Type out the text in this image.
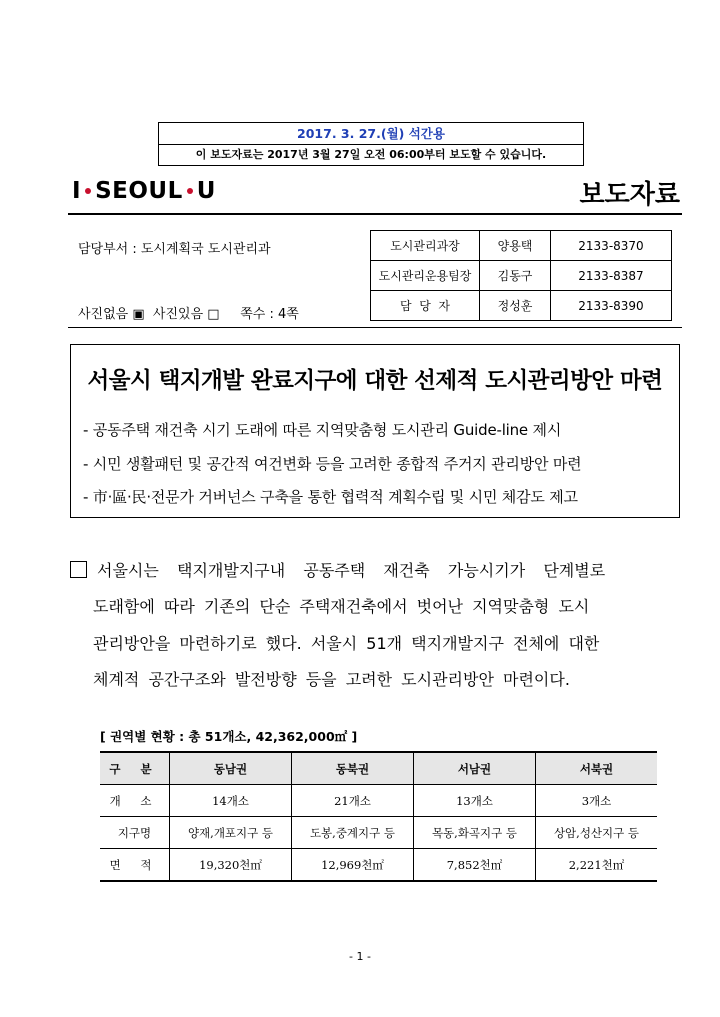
2017. 3. 27.(월) 석간용
이 보도자료는 2017년 3월 27일 오전 06:00부터 보도할 수 있습니다.
I SEOUL U	보도자료
담당부서 : 도시계획국 도시관리과
사진없음 ▣  사진있음 □     쪽수 : 4쪽
도시관리과장	양용택	2133-8370
도시관리운용팀장	김동구	2133-8387
담  당  자	정성훈	2133-8390
서울시 택지개발 완료지구에 대한 선제적 도시관리방안 마련
- 공동주택 재건축 시기 도래에 따른 지역맞춤형 도시관리 Guide-line 제시
- 시민 생활패턴 및 공간적 여건변화 등을 고려한 종합적 주거지 관리방안 마련
- 市·區·民·전문가 거버넌스 구축을 통한 협력적 계획수립 및 시민 체감도 제고
서울시는  택지개발지구내  공동주택  재건축  가능시기가  단계별로
도래함에 따라 기존의 단순 주택재건축에서 벗어난 지역맞춤형 도시
관리방안을 마련하기로 했다. 서울시 51개 택지개발지구 전체에 대한
체계적 공간구조와 발전방향 등을 고려한 도시관리방안 마련이다.
[ 권역별 현황 : 총 51개소, 42,362,000㎡ ]
구 분	동남권	동북권	서남권	서북권
개 소	14개소	21개소	13개소	3개소
지구명	양재,개포지구 등	도봉,중계지구 등	목동,화곡지구 등	상암,성산지구 등
면 적	19,320천㎡	12,969천㎡	7,852천㎡	2,221천㎡
- 1 -
